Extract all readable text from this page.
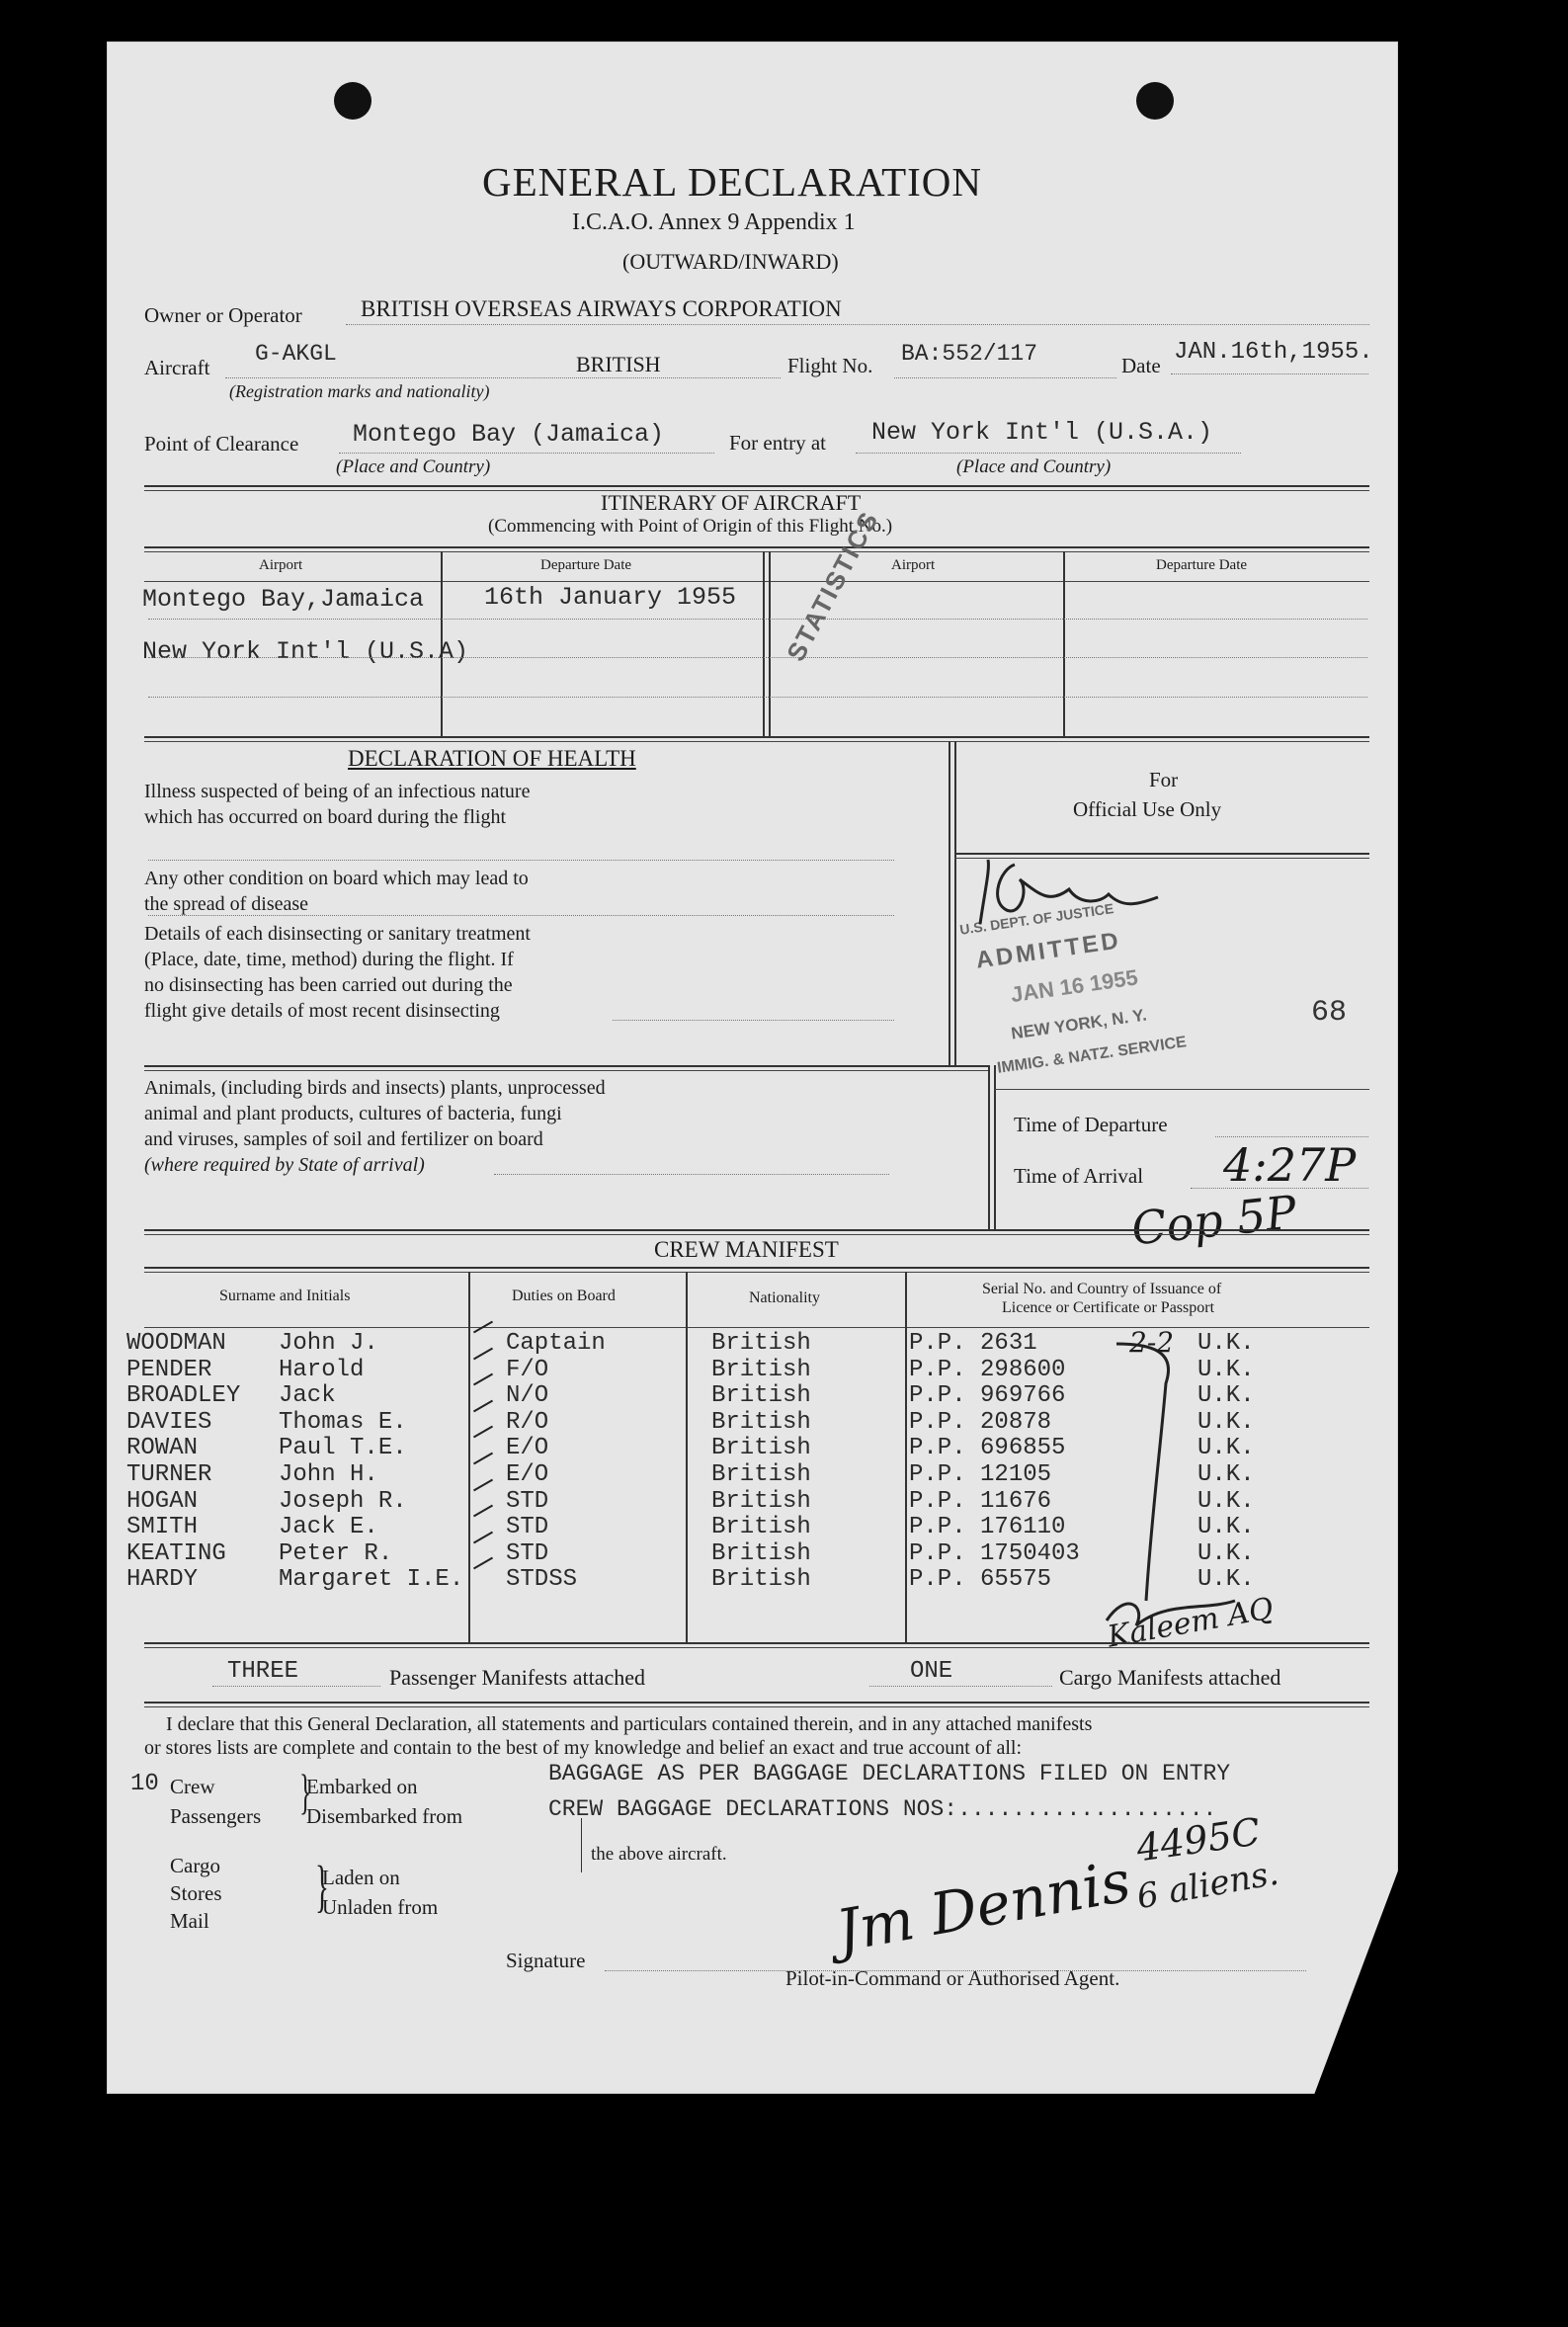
GENERAL DECLARATION
I.C.A.O. Annex 9 Appendix 1
(OUTWARD/INWARD)
Owner or Operator	BRITISH OVERSEAS AIRWAYS CORPORATION
Aircraft
G-AKGL	BRITISH
(Registration marks and nationality)
Flight No. BA:552/117	Date JAN.16th,1955.
Point of Clearance Montego Bay (Jamaica)
(Place and Country)
For entry at New York Int'l (U.S.A.)
(Place and Country)
ITINERARY OF AIRCRAFT
(Commencing with Point of Origin of this Flight No.)
Airport	Departure Date	Airport	Departure Date
Montego Bay,Jamaica 16th January 1955
New York Int'l (U.S.A)	STATISTICS
DECLARATION OF HEALTH
Illness suspected of being of an infectious nature
which has occurred on board during the flight
Any other condition on board which may lead to
the spread of disease
Details of each disinsecting or sanitary treatment
(Place, date, time, method) during the flight. If
no disinsecting has been carried out during the
flight give details of most recent disinsecting
Animals, (including birds and insects) plants, unprocessed
animal and plant products, cultures of bacteria, fungi
and viruses, samples of soil and fertilizer on board
(where required by State of arrival)
For
Official Use Only
U.S. DEPT. OF JUSTICE
ADMITTED
JAN 16 1955
NEW YORK, N. Y.
IMMIG. & NATZ. SERVICE
68
Time of Departure
Time of Arrival 4:27P
Cop 5P
CREW MANIFEST
Surname and Initials	Duties on Board	Nationality
Serial No. and Country of Issuance of
Licence or Certificate or Passport
WOODMAN John J.	Captain	British	P.P. 2631	U.K.
PENDER	Harold	F/O	British	P.P. 298600	U.K.
BROADLEY Jack	N/O	British	P.P. 969766	U.K.
DAVIES	Thomas E.	R/O	British	P.P. 20878	U.K.
ROWAN	Paul T.E.	E/O	British	P.P. 696855	U.K.
TURNER	John H.	E/O	British	P.P. 12105	U.K.
HOGAN	Joseph R.	STD	British	P.P. 11676	U.K.
SMITH	Jack E.	STD	British	P.P. 176110	U.K.
KEATING Peter R.	STD	British	P.P. 1750403	U.K.
HARDY	Margaret I.E. STDSS	British	P.P. 65575	U.K.
2-2
Kaleem AQ
THREE	Passenger Manifests attached	ONE	Cargo Manifests attached
I declare that this General Declaration, all statements and particulars contained therein, and in any attached manifests
or stores lists are complete and contain to the best of my knowledge and belief an exact and true account of all:
10 Crew
Passengers
Embarked on
Disembarked from
}	BAGGAGE AS PER BAGGAGE DECLARATIONS FILED ON ENTRY
CREW BAGGAGE DECLARATIONS NOS:...................
the above aircraft.
Cargo
Stores
Mail
Laden on
Unladen from
}
4495C
6 aliens.
Signature	Jm Dennis
Pilot-in-Command or Authorised Agent.
